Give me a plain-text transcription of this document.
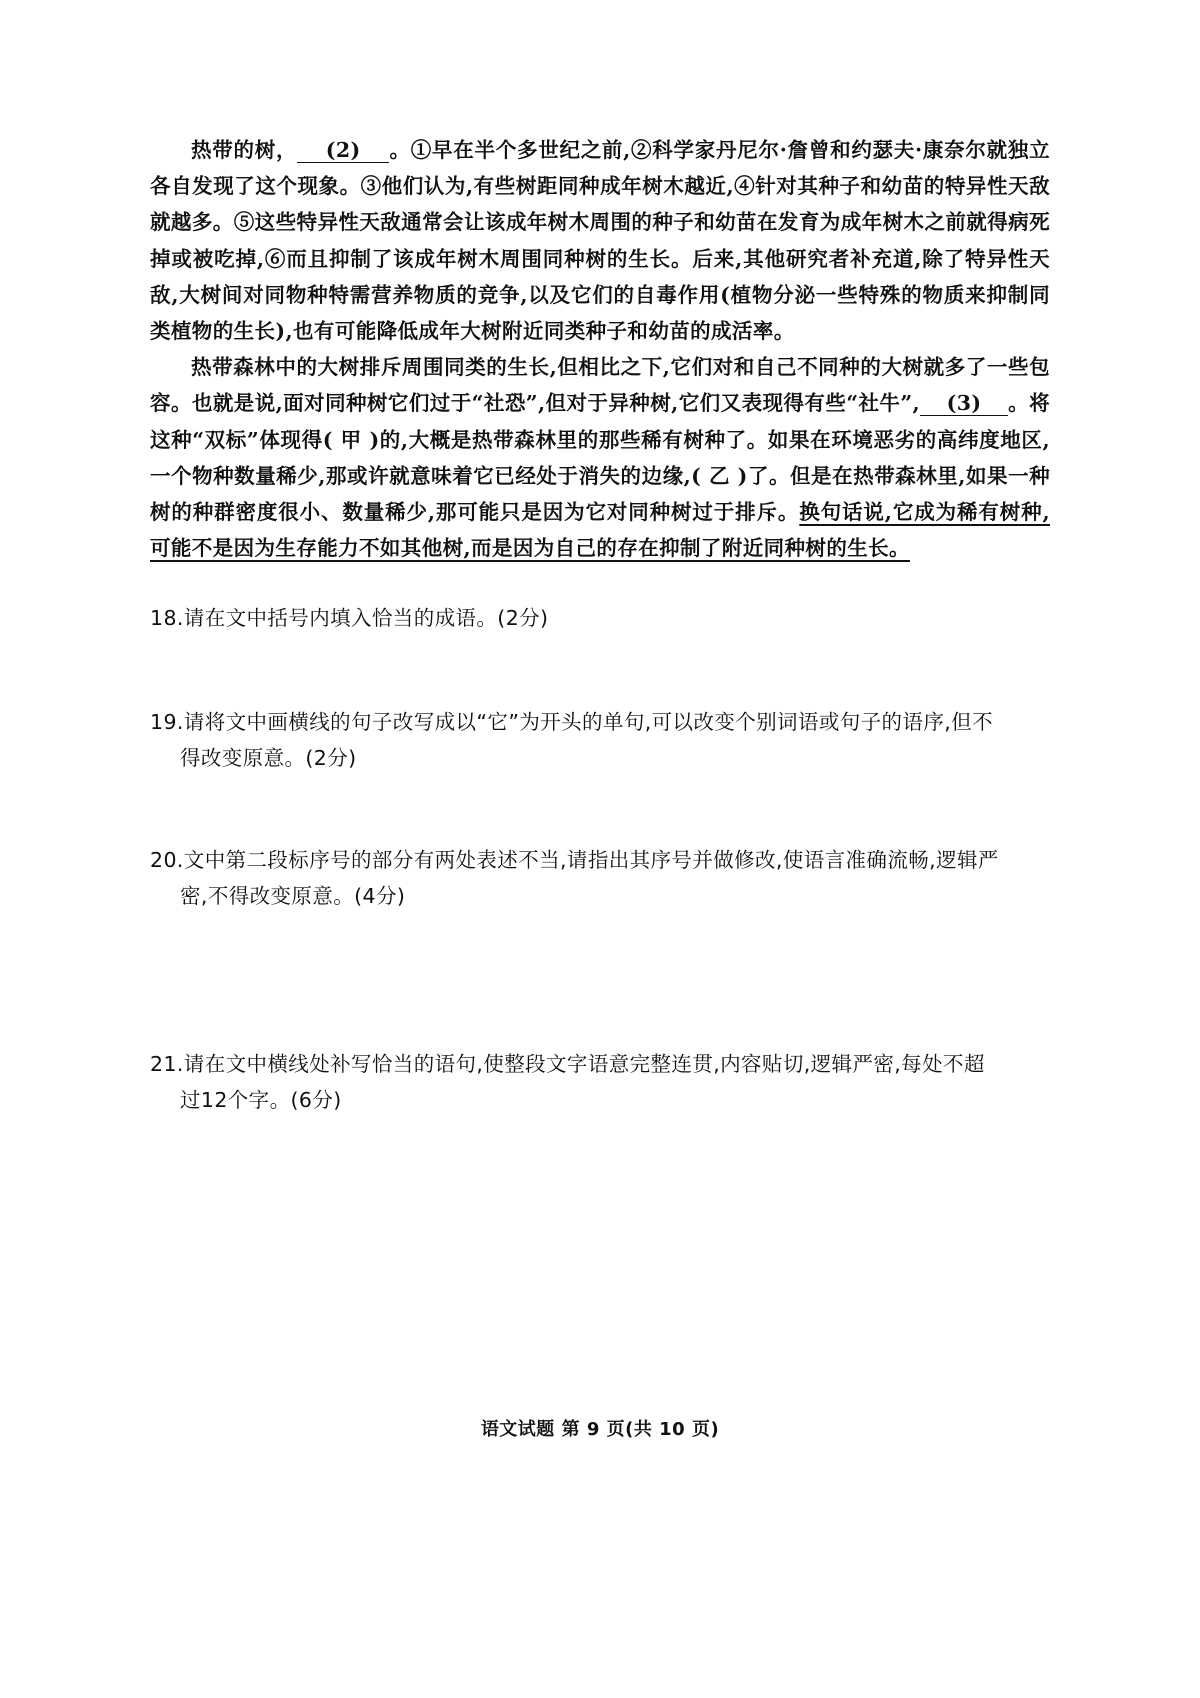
热带的树， (2) 。①早在半个多世纪之前,②科学家丹尼尔·詹曾和约瑟夫·康奈尔就独立各自发现了这个现象。③他们认为,有些树距同种成年树木越近,④针对其种子和幼苗的特异性天敌就越多。⑤这些特异性天敌通常会让该成年树木周围的种子和幼苗在发育为成年树木之前就得病死掉或被吃掉,⑥而且抑制了该成年树木周围同种树的生长。后来,其他研究者补充道,除了特异性天敌,大树间对同物种特需营养物质的竞争,以及它们的自毒作用(植物分泌一些特殊的物质来抑制同类植物的生长),也有可能降低成年大树附近同类种子和幼苗的成活率。

热带森林中的大树排斥周围同类的生长,但相比之下,它们对和自己不同种的大树就多了一些包容。也就是说,面对同种树它们过于“社恐”,但对于异种树,它们又表现得有些“社牛”, (3) 。将这种“双标”体现得( 甲 )的,大概是热带森林里的那些稀有树种了。如果在环境恶劣的高纬度地区,一个物种数量稀少,那或许就意味着它已经处于消失的边缘,( 乙 )了。但是在热带森林里,如果一种树的种群密度很小、数量稀少,那可能只是因为它对同种树过于排斥。换句话说,它成为稀有树种,可能不是因为生存能力不如其他树,而是因为自己的存在抑制了附近同种树的生长。

18.请在文中括号内填入恰当的成语。(2分)
19.请将文中画横线的句子改写成以“它”为开头的单句,可以改变个别词语或句子的语序,但不
得改变原意。(2分)
20.文中第二段标序号的部分有两处表述不当,请指出其序号并做修改,使语言准确流畅,逻辑严
密,不得改变原意。(4分)
21.请在文中横线处补写恰当的语句,使整段文字语意完整连贯,内容贴切,逻辑严密,每处不超
过12个字。(6分)
语文试题 第 9 页(共 10 页)
